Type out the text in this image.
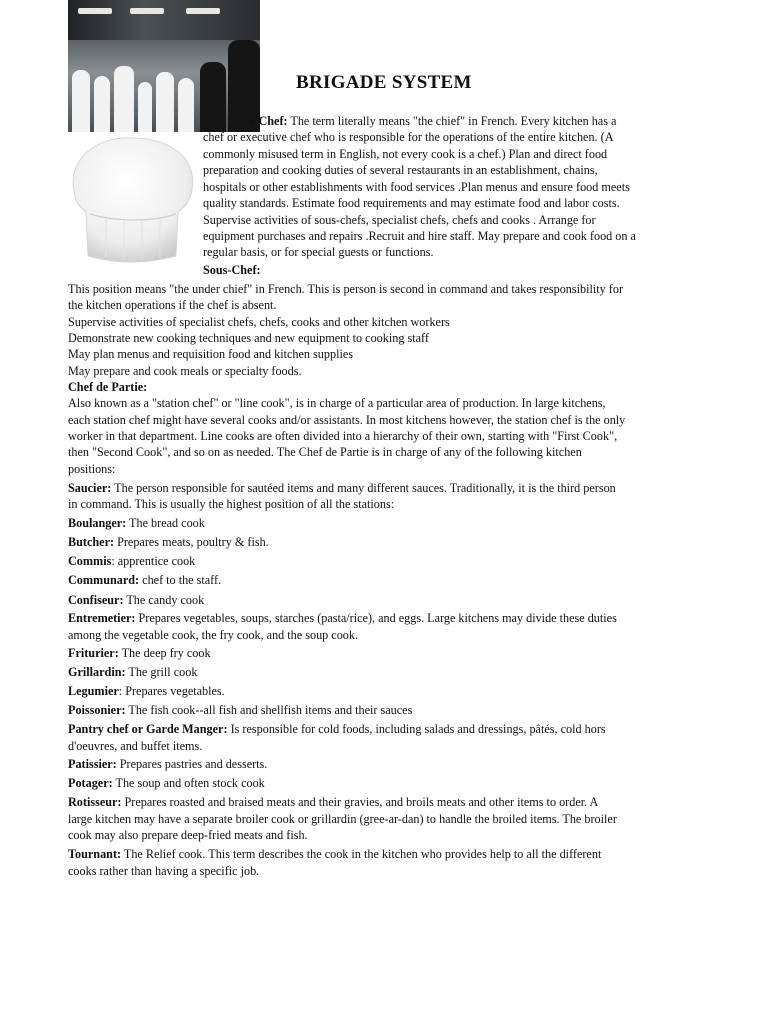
BRIGADE SYSTEM
e Chef: The term literally means "the chief" in French. Every kitchen has a
chef or executive chef who is responsible for the operations of the entire kitchen. (A
commonly misused term in English, not every cook is a chef.) Plan and direct food
preparation and cooking duties of several restaurants in an establishment, chains,
hospitals or other establishments with food services .Plan menus and ensure food meets
quality standards. Estimate food requirements and may estimate food and labor costs.
Supervise activities of sous-chefs, specialist chefs, chefs and cooks . Arrange for
equipment purchases and repairs .Recruit and hire staff. May prepare and cook food on a
regular basis, or for special guests or functions.
Sous-Chef:
This position means "the under chief" in French. This is person is second in command and takes responsibility for
the kitchen operations if the chef is absent.
Supervise activities of specialist chefs, chefs, cooks and other kitchen workers
Demonstrate new cooking techniques and new equipment to cooking staff
May plan menus and requisition food and kitchen supplies
May prepare and cook meals or specialty foods.
Chef de Partie:
Also known as a "station chef" or "line cook", is in charge of a particular area of production. In large kitchens,
each station chef might have several cooks and/or assistants. In most kitchens however, the station chef is the only
worker in that department. Line cooks are often divided into a hierarchy of their own, starting with "First Cook",
then "Second Cook", and so on as needed. The Chef de Partie is in charge of any of the following kitchen
positions:
Saucier: The person responsible for sautéed items and many different sauces. Traditionally, it is the third person
in command. This is usually the highest position of all the stations:
Boulanger: The bread cook
Butcher: Prepares meats, poultry & fish.
Commis: apprentice cook
Communard: chef to the staff.
Confiseur: The candy cook
Entremetier: Prepares vegetables, soups, starches (pasta/rice), and eggs. Large kitchens may divide these duties
among the vegetable cook, the fry cook, and the soup cook.
Friturier: The deep fry cook
Grillardin: The grill cook
Legumier: Prepares vegetables.
Poissonier: The fish cook--all fish and shellfish items and their sauces
Pantry chef or Garde Manger: Is responsible for cold foods, including salads and dressings, pâtés, cold hors
d'oeuvres, and buffet items.
Patissier: Prepares pastries and desserts.
Potager: The soup and often stock cook
Rotisseur: Prepares roasted and braised meats and their gravies, and broils meats and other items to order. A
large kitchen may have a separate broiler cook or grillardin (gree-ar-dan) to handle the broiled items. The broiler
cook may also prepare deep-fried meats and fish.
Tournant: The Relief cook. This term describes the cook in the kitchen who provides help to all the different
cooks rather than having a specific job.
